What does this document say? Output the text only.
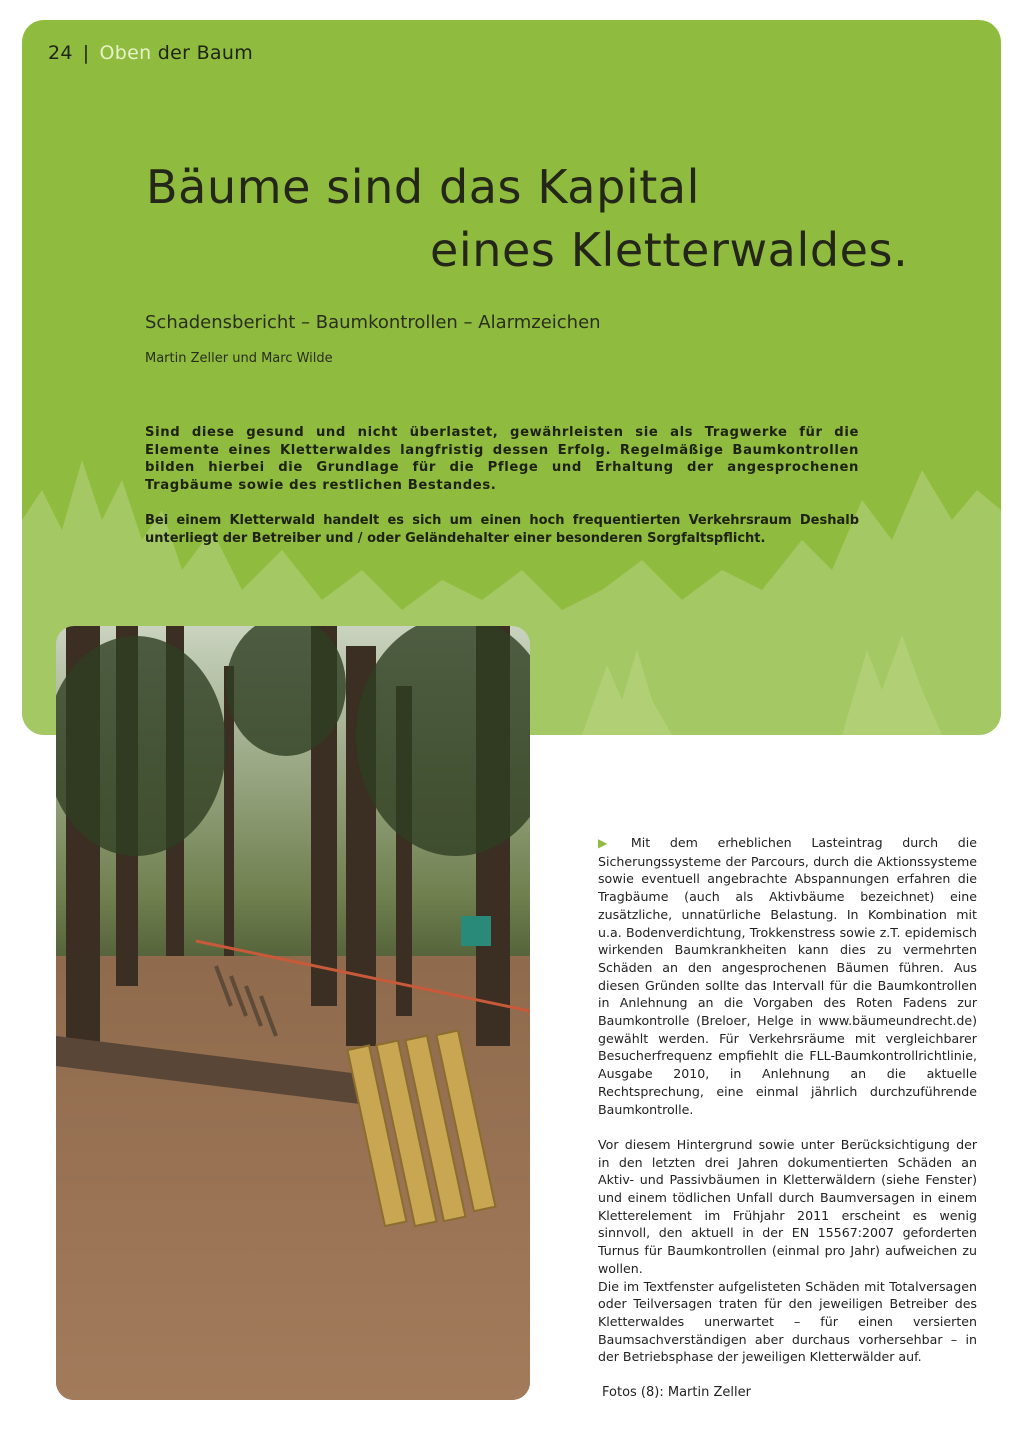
24 | Oben der Baum
Bäume sind das Kapital
eines Kletterwaldes.
Schadensbericht – Baumkontrollen – Alarmzeichen
Martin Zeller und Marc Wilde
Sind diese gesund und nicht überlastet, gewährleisten sie als Tragwerke für die Elemente eines Kletterwaldes langfristig dessen Erfolg. Regelmäßige Baumkontrollen bilden hierbei die Grundlage für die Pflege und Erhaltung der angesprochenen Tragbäume sowie des restlichen Bestandes.
Bei einem Kletterwald handelt es sich um einen hoch frequentierten Verkehrsraum Deshalb unterliegt der Betreiber und / oder Geländehalter einer besonderen Sorgfaltspflicht.

▶ Mit dem erheblichen Lasteintrag durch die Sicherungssysteme der Parcours, durch die Aktionssysteme sowie eventuell angebrachte Abspannungen erfahren die Tragbäume (auch als Aktivbäume bezeichnet) eine zusätzliche, unnatürliche Belastung. In Kombination mit u.a. Bodenverdichtung, Trokkenstress sowie z.T. epidemisch wirkenden Baumkrankheiten kann dies zu vermehrten Schäden an den angesprochenen Bäumen führen. Aus diesen Gründen sollte das Intervall für die Baumkontrollen in Anlehnung an die Vorgaben des Roten Fadens zur Baumkontrolle (Breloer, Helge in www.bäumeundrecht.de) gewählt werden. Für Verkehrsräume mit vergleichbarer Besucherfrequenz empfiehlt die FLL-Baumkontrollrichtlinie, Ausgabe 2010, in Anlehnung an die aktuelle Rechtsprechung, eine einmal jährlich durchzuführende Baumkontrolle.

Vor diesem Hintergrund sowie unter Berücksichtigung der in den letzten drei Jahren dokumentierten Schäden an Aktiv- und Passivbäumen in Kletterwäldern (siehe Fenster) und einem tödlichen Unfall durch Baumversagen in einem Kletterelement im Frühjahr 2011 erscheint es wenig sinnvoll, den aktuell in der EN 15567:2007 geforderten Turnus für Baumkontrollen (einmal pro Jahr) aufweichen zu wollen.

Die im Textfenster aufgelisteten Schäden mit Totalversagen oder Teilversagen traten für den jeweiligen Betreiber des Kletterwaldes unerwartet – für einen versierten Baumsachverständigen aber durchaus vorhersehbar – in der Betriebsphase der jeweiligen Kletterwälder auf.

Fotos (8): Martin Zeller
